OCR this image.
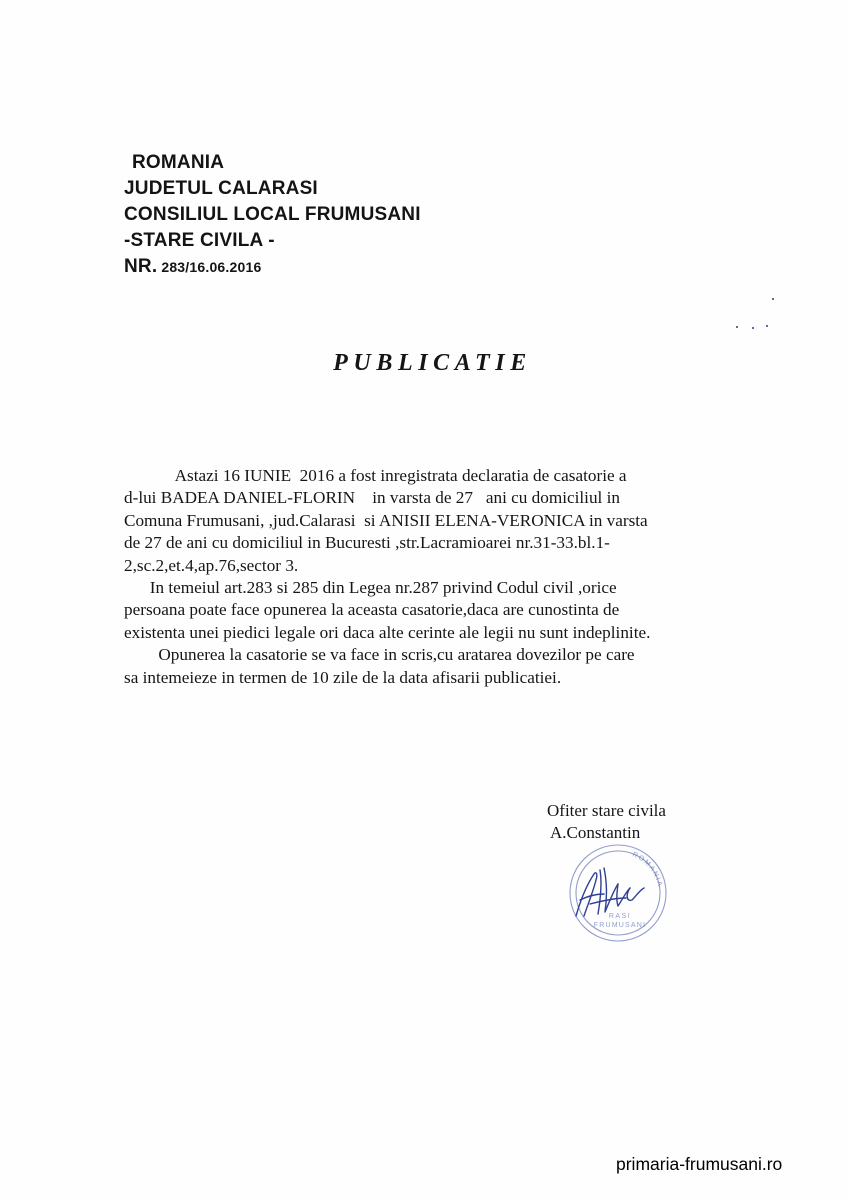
ROMANIA
JUDETUL CALARASI
CONSILIUL LOCAL FRUMUSANI
-STARE CIVILA -
NR. 283/16.06.2016
PUBLICATIE
Astazi 16 IUNIE  2016 a fost inregistrata declaratia de casatorie a
d-lui BADEA DANIEL-FLORIN    in varsta de 27   ani cu domiciliul in
Comuna Frumusani, ,jud.Calarasi  si ANISII ELENA-VERONICA in varsta
de 27 de ani cu domiciliul in Bucuresti ,str.Lacramioarei nr.31-33.bl.1-
2,sc.2,et.4,ap.76,sector 3.
In temeiul art.283 si 285 din Legea nr.287 privind Codul civil ,orice
persoana poate face opunerea la aceasta casatorie,daca are cunostinta de
existenta unei piedici legale ori daca alte cerinte ale legii nu sunt indeplinite.
Opunerea la casatorie se va face in scris,cu aratarea dovezilor pe care
sa intemeieze in termen de 10 zile de la data afisarii publicatiei.
Ofiter stare civila
A.Constantin
ROMANIA
RASI
FRUMUSANI
primaria-frumusani.ro
